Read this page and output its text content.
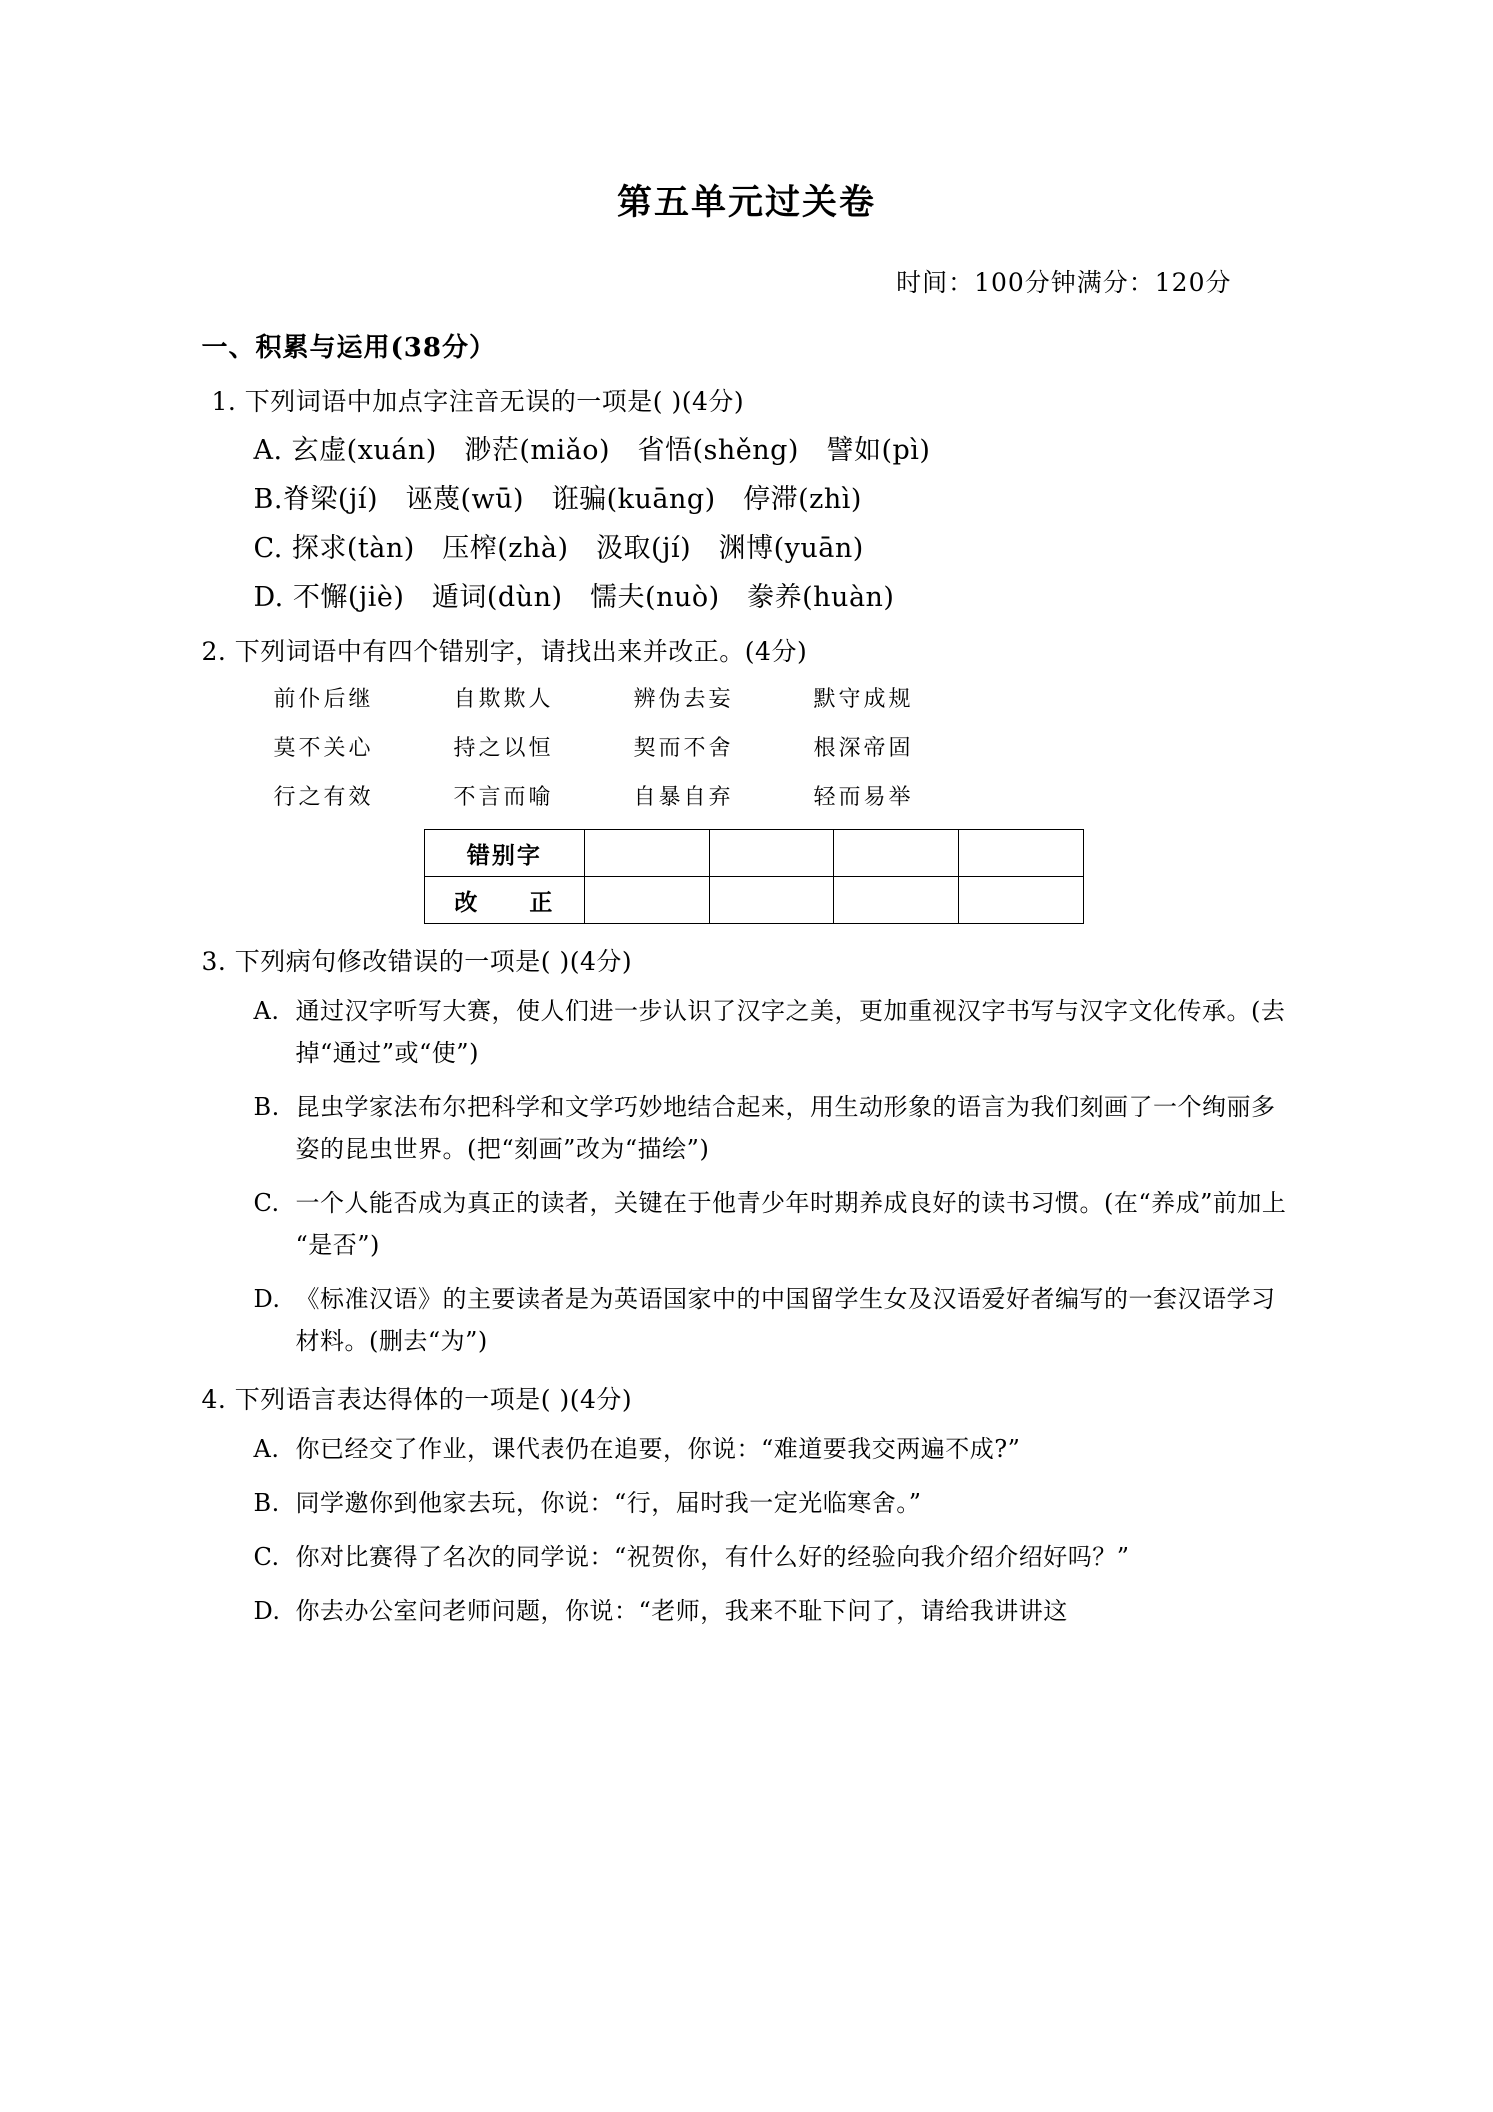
第五单元过关卷
时间：100分钟满分：120分
一、积累与运用(38分）
1. 下列词语中加点字注音无误的一项是( )(4分)
A. 玄虚(xuán)　渺茫(miǎo)　省悟(shěng)　譬如(pì)
B.脊梁(jí)　诬蔑(wū)　诳骗(kuāng)　停滞(zhì)
C. 探求(tàn)　压榨(zhà)　汲取(jí)　渊博(yuān)
D. 不懈(jiè)　遁词(dùn)　懦夫(nuò)　豢养(huàn)
2. 下列词语中有四个错别字，请找出来并改正。(4分)
前仆后继	自欺欺人	辨伪去妄	默守成规
莫不关心	持之以恒	契而不舍	根深帝固
行之有效	不言而喻	自暴自弃	轻而易举
错别字				
改　　正				
3. 下列病句修改错误的一项是( )(4分)
A. 通过汉字听写大赛，使人们进一步认识了汉字之美，更加重视汉字书写与汉字文化传承。(去掉“通过”或“使”)
B. 昆虫学家法布尔把科学和文学巧妙地结合起来，用生动形象的语言为我们刻画了一个绚丽多姿的昆虫世界。(把“刻画”改为“描绘”)
C. 一个人能否成为真正的读者，关键在于他青少年时期养成良好的读书习惯。(在“养成”前加上“是否”)
D. 《标准汉语》的主要读者是为英语国家中的中国留学生女及汉语爱好者编写的一套汉语学习材料。(删去“为”)
4. 下列语言表达得体的一项是( )(4分)
A. 你已经交了作业，课代表仍在追要，你说：“难道要我交两遍不成?”
B. 同学邀你到他家去玩，你说：“行，届时我一定光临寒舍。”
C. 你对比赛得了名次的同学说：“祝贺你，有什么好的经验向我介绍介绍好吗？”
D. 你去办公室问老师问题，你说：“老师，我来不耻下问了，请给我讲讲这
